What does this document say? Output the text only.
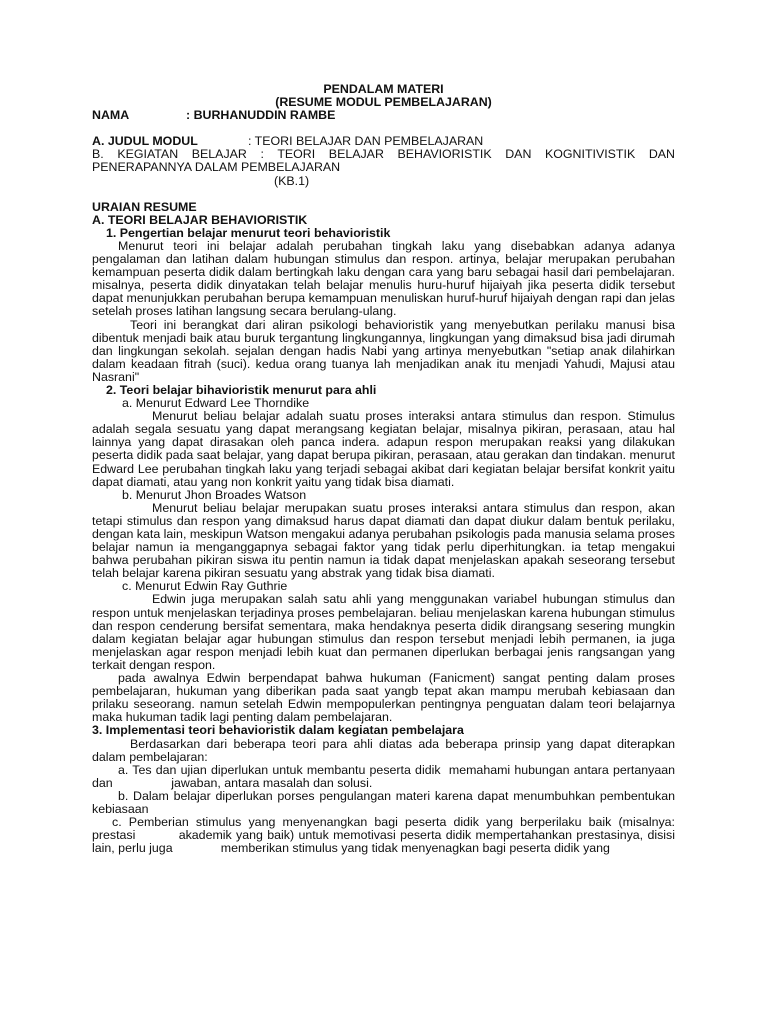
PENDALAM MATERI

(RESUME MODUL PEMBELAJARAN)

NAMA	: BURHANUDDIN RAMBE
A. JUDUL MODUL	: TEORI BELAJAR DAN PEMBELAJARAN

B. KEGIATAN BELAJAR : TEORI BELAJAR BEHAVIORISTIK DAN KOGNITIVISTIK DAN

PENERAPANNYA DALAM PEMBELAJARAN

(KB.1)

URAIAN RESUME

A. TEORI BELAJAR BEHAVIORISTIK

1. Pengertian belajar menurut teori behavioristik

Menurut teori ini belajar adalah perubahan tingkah laku yang disebabkan adanya adanya pengalaman dan latihan dalam hubungan stimulus dan respon. artinya, belajar merupakan perubahan kemampuan peserta didik dalam bertingkah laku dengan cara yang baru sebagai hasil dari pembelajaran. misalnya, peserta didik dinyatakan telah belajar menulis huru-huruf hijaiyah jika peserta didik tersebut dapat menunjukkan perubahan berupa kemampuan menuliskan huruf-huruf hijaiyah dengan rapi dan jelas setelah proses latihan langsung secara berulang-ulang.

Teori ini berangkat dari aliran psikologi behavioristik yang menyebutkan perilaku manusi bisa dibentuk menjadi baik atau buruk tergantung lingkungannya, lingkungan yang dimaksud bisa jadi dirumah dan lingkungan sekolah. sejalan dengan hadis Nabi yang artinya menyebutkan "setiap anak dilahirkan dalam keadaan fitrah (suci). kedua orang tuanya lah menjadikan anak itu menjadi Yahudi, Majusi atau Nasrani"

2. Teori belajar bihavioristik menurut para ahli

a. Menurut Edward Lee Thorndike

Menurut beliau belajar adalah suatu proses interaksi antara stimulus dan respon. Stimulus adalah segala sesuatu yang dapat merangsang kegiatan belajar, misalnya pikiran, perasaan, atau hal lainnya yang dapat dirasakan oleh panca indera. adapun respon merupakan reaksi yang dilakukan peserta didik pada saat belajar, yang dapat berupa pikiran, perasaan, atau gerakan dan tindakan. menurut Edward Lee perubahan tingkah laku yang terjadi sebagai akibat dari kegiatan belajar bersifat konkrit yaitu dapat diamati, atau yang non konkrit yaitu yang tidak bisa diamati.

b. Menurut Jhon Broades Watson

Menurut beliau belajar merupakan suatu proses interaksi antara stimulus dan respon, akan tetapi stimulus dan respon yang dimaksud harus dapat diamati dan dapat diukur dalam bentuk perilaku, dengan kata lain, meskipun Watson mengakui adanya perubahan psikologis pada manusia selama proses belajar namun ia menganggapnya sebagai faktor yang tidak perlu diperhitungkan. ia tetap mengakui bahwa perubahan pikiran siswa itu pentin namun ia tidak dapat menjelaskan apakah seseorang tersebut telah belajar karena pikiran sesuatu yang abstrak yang tidak bisa diamati.

c. Menurut Edwin Ray Guthrie

Edwin juga merupakan salah satu ahli yang menggunakan variabel hubungan stimulus dan respon untuk menjelaskan terjadinya proses pembelajaran. beliau menjelaskan karena hubungan stimulus dan respon cenderung bersifat sementara, maka hendaknya peserta didik dirangsang sesering mungkin dalam kegiatan belajar agar hubungan stimulus dan respon tersebut menjadi lebih permanen, ia juga menjelaskan agar respon menjadi lebih kuat dan permanen diperlukan berbagai jenis rangsangan yang terkait dengan respon.

pada awalnya Edwin berpendapat bahwa hukuman (Fanicment) sangat penting dalam proses pembelajaran, hukuman yang diberikan pada saat yangb tepat akan mampu merubah kebiasaan dan prilaku seseorang. namun setelah Edwin mempopulerkan pentingnya penguatan dalam teori belajarnya maka hukuman tadik lagi penting dalam pembelajaran.

3. Implementasi teori behavioristik dalam kegiatan pembelajara

Berdasarkan dari beberapa teori para ahli diatas ada beberapa prinsip yang dapat diterapkan dalam pembelajaran:

a. Tes dan ujian diperlukan untuk membantu peserta didik  memahami hubungan antara pertanyaan dan                 jawaban, antara masalah dan solusi.

b. Dalam belajar diperlukan porses pengulangan materi karena dapat menumbuhkan pembentukan kebiasaan

c. Pemberian stimulus yang menyenangkan bagi peserta didik yang berperilaku baik (misalnya: prestasi          akademik yang baik) untuk memotivasi peserta didik mempertahankan prestasinya, disisi lain, perlu juga              memberikan stimulus yang tidak menyenagkan bagi peserta didik yang
